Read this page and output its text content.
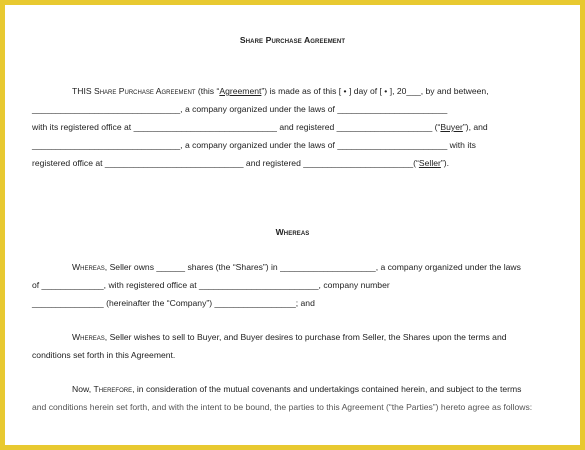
Share Purchase Agreement
THIS Share Purchase Agreement (this “Agreement”) is made as of this [ • ] day of [ • ], 20___, by and between,
_______________________________, a company organized under the laws of _______________________
with its registered office at ______________________________ and registered ____________________ (“Buyer”), and
_______________________________, a company organized under the laws of _______________________ with its
registered office at _____________________________ and registered _______________________(“Seller”).
Whereas
Whereas, Seller owns ______ shares (the “Shares”) in ____________________, a company organized under the laws
of _____________, with registered office at _________________________, company number
_______________ (hereinafter the “Company”) _________________; and
Whereas, Seller wishes to sell to Buyer, and Buyer desires to purchase from Seller, the Shares upon the terms and
conditions set forth in this Agreement.
Now, Therefore, in consideration of the mutual covenants and undertakings contained herein, and subject to the terms
and conditions herein set forth, and with the intent to be bound, the parties to this Agreement (“the Parties”) hereto agree as follows:
